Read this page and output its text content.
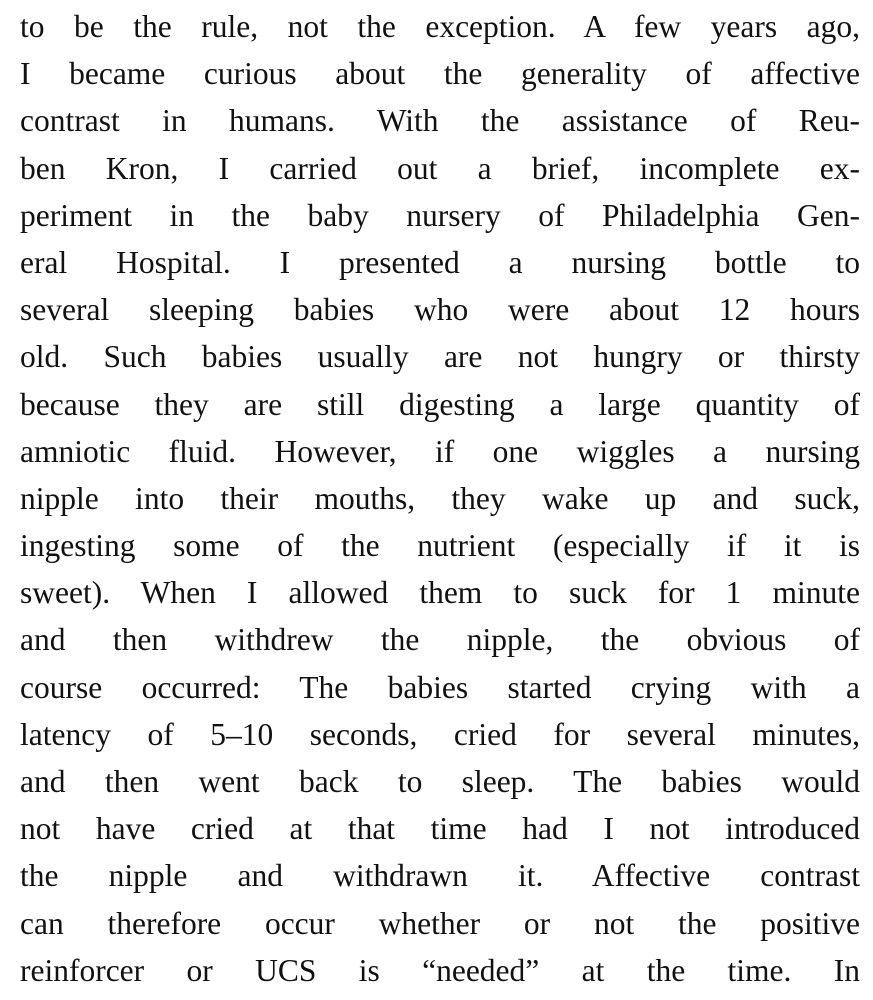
to be the rule, not the exception. A few years ago,
I became curious about the generality of affective
contrast in humans. With the assistance of Reu-
ben Kron, I carried out a brief, incomplete ex-
periment in the baby nursery of Philadelphia Gen-
eral Hospital. I presented a nursing bottle to
several sleeping babies who were about 12 hours
old. Such babies usually are not hungry or thirsty
because they are still digesting a large quantity of
amniotic fluid. However, if one wiggles a nursing
nipple into their mouths, they wake up and suck,
ingesting some of the nutrient (especially if it is
sweet). When I allowed them to suck for 1 minute
and then withdrew the nipple, the obvious of
course occurred: The babies started crying with a
latency of 5–10 seconds, cried for several minutes,
and then went back to sleep. The babies would
not have cried at that time had I not introduced
the nipple and withdrawn it. Affective contrast
can therefore occur whether or not the positive
reinforcer or UCS is “needed” at the time. In
